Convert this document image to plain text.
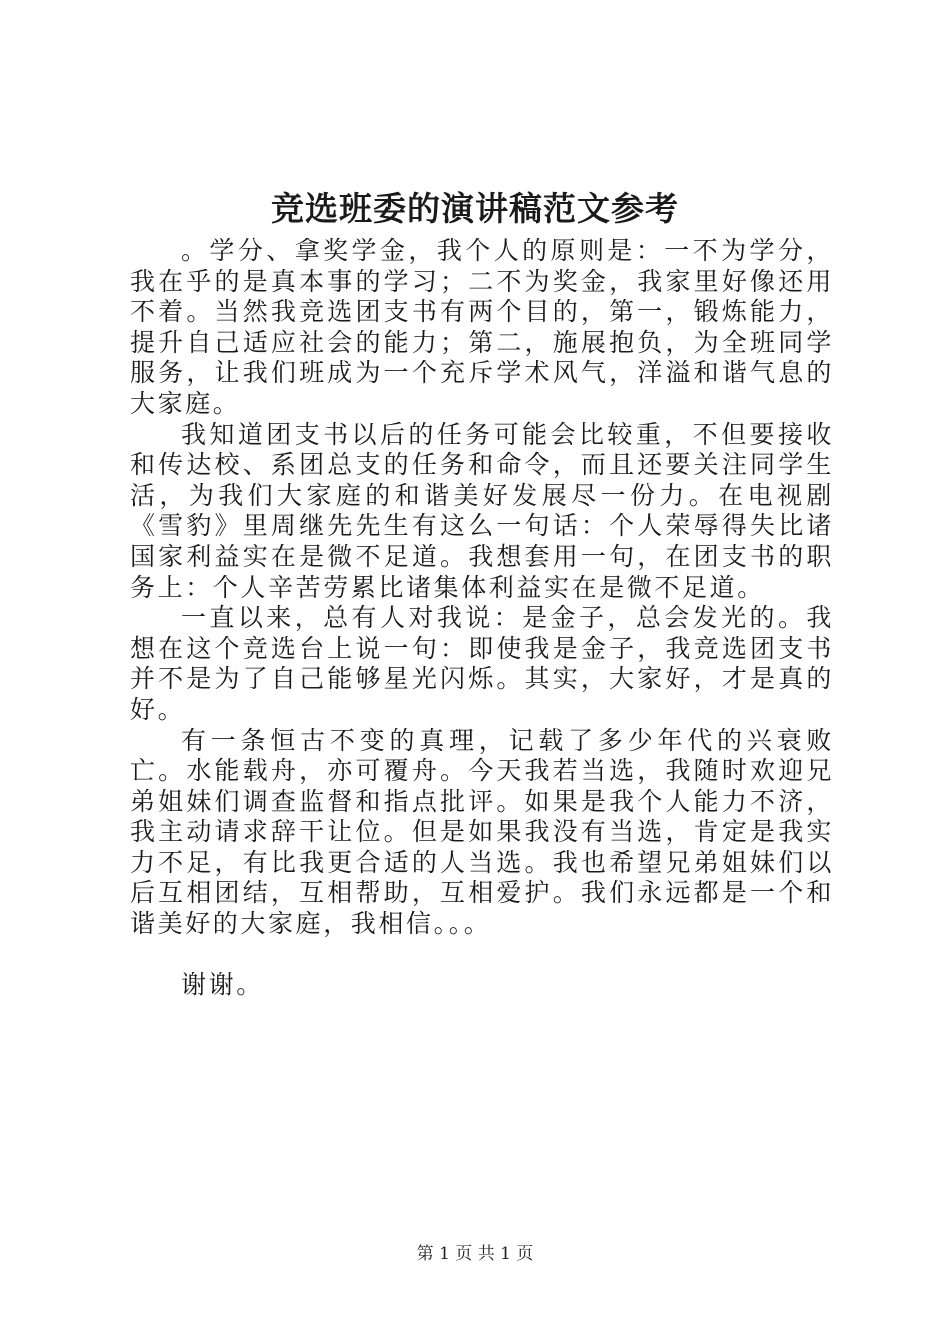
竞选班委的演讲稿范文参考

。学分、拿奖学金，我个人的原则是：一不为学分，我在乎的是真本事的学习；二不为奖金，我家里好像还用不着。当然我竞选团支书有两个目的，第一，锻炼能力，提升自己适应社会的能力；第二，施展抱负，为全班同学服务，让我们班成为一个充斥学术风气，洋溢和谐气息的大家庭。

我知道团支书以后的任务可能会比较重，不但要接收和传达校、系团总支的任务和命令，而且还要关注同学生活，为我们大家庭的和谐美好发展尽一份力。在电视剧《雪豹》里周继先先生有这么一句话：个人荣辱得失比诸国家利益实在是微不足道。我想套用一句，在团支书的职务上：个人辛苦劳累比诸集体利益实在是微不足道。

一直以来，总有人对我说：是金子，总会发光的。我想在这个竞选台上说一句：即使我是金子，我竞选团支书并不是为了自己能够星光闪烁。其实，大家好，才是真的好。

有一条恒古不变的真理，记载了多少年代的兴衰败亡。水能载舟，亦可覆舟。今天我若当选，我随时欢迎兄弟姐妹们调查监督和指点批评。如果是我个人能力不济，我主动请求辞干让位。但是如果我没有当选，肯定是我实力不足，有比我更合适的人当选。我也希望兄弟姐妹们以后互相团结，互相帮助，互相爱护。我们永远都是一个和谐美好的大家庭，我相信。。。

谢谢。

第 1 页 共 1 页
